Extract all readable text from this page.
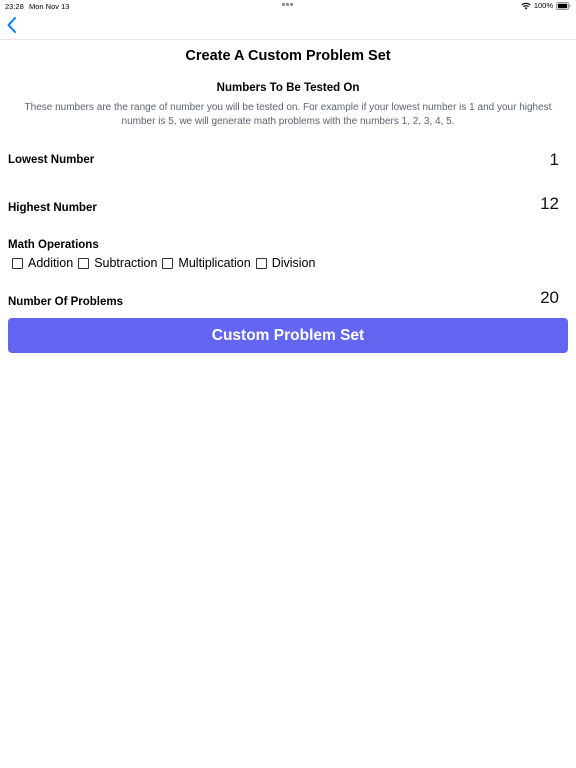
23:28 Mon Nov 13	100%
Create A Custom Problem Set
Numbers To Be Tested On
These numbers are the range of number you will be tested on. For example if your lowest number is 1 and your highest number is 5, we will generate math problems with the numbers 1, 2, 3, 4, 5.
Lowest Number	1
Highest Number	12
Math Operations
Addition Subtraction Multiplication Division
Number Of Problems	20
Custom Problem Set
